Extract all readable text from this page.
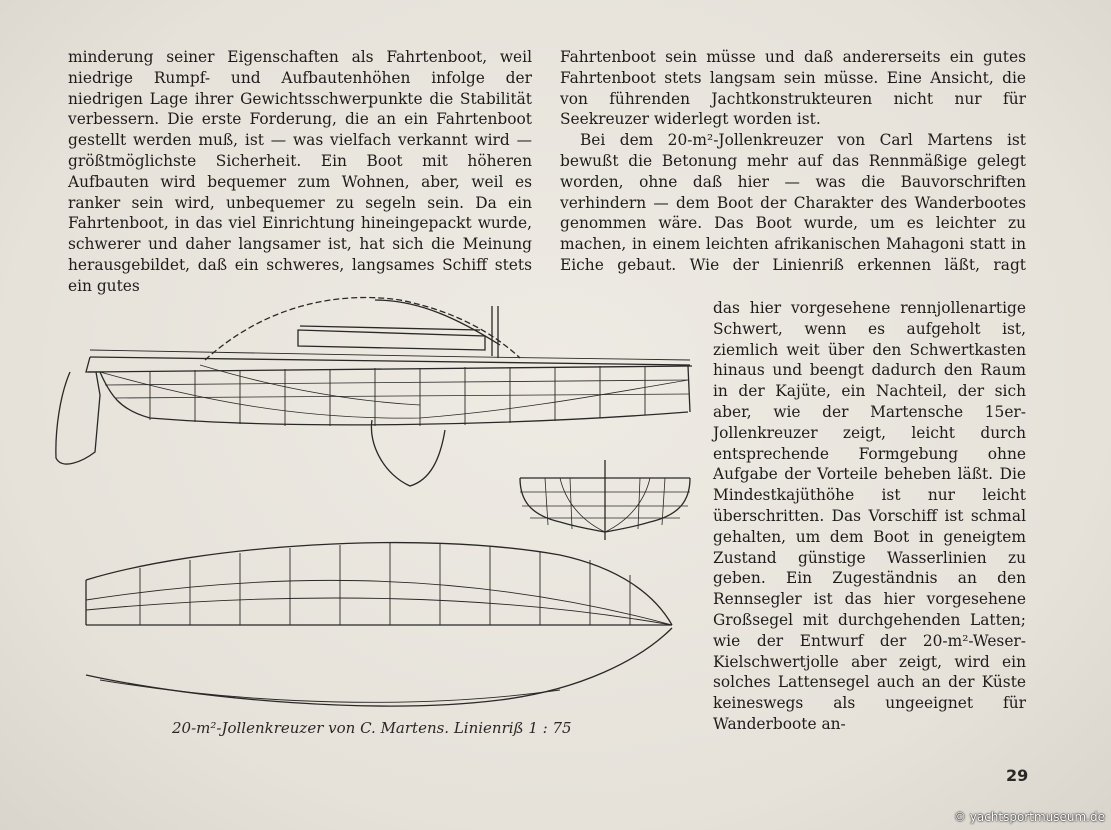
minderung seiner Eigenschaften als Fahrtenboot, weil niedrige Rumpf- und Aufbautenhöhen infolge der niedrigen Lage ihrer Gewichtsschwerpunkte die Stabilität verbessern. Die erste Forderung, die an ein Fahrtenboot gestellt werden muß, ist — was vielfach verkannt wird — größtmöglichste Sicherheit. Ein Boot mit höheren Aufbauten wird bequemer zum Wohnen, aber, weil es ranker sein wird, unbequemer zu segeln sein. Da ein Fahrtenboot, in das viel Einrichtung hineingepackt wurde, schwerer und daher langsamer ist, hat sich die Meinung herausgebildet, daß ein schweres, langsames Schiff stets ein gutes

Fahrtenboot sein müsse und daß andererseits ein gutes Fahrtenboot stets langsam sein müsse. Eine Ansicht, die von führenden Jachtkonstrukteuren nicht nur für Seekreuzer widerlegt worden ist.

Bei dem 20-m²-Jollenkreuzer von Carl Martens ist bewußt die Betonung mehr auf das Rennmäßige gelegt worden, ohne daß hier — was die Bauvorschriften verhindern — dem Boot der Charakter des Wanderbootes genommen wäre. Das Boot wurde, um es leichter zu machen, in einem leichten afrikanischen Mahagoni statt in Eiche gebaut. Wie der Linienriß erkennen läßt, ragt

das hier vorgesehene rennjollenartige Schwert, wenn es aufgeholt ist, ziemlich weit über den Schwertkasten hinaus und beengt dadurch den Raum in der Kajüte, ein Nachteil, der sich aber, wie der Martensche 15er-Jollenkreuzer zeigt, leicht durch entsprechende Formgebung ohne Aufgabe der Vorteile beheben läßt. Die Mindestkajüthöhe ist nur leicht überschritten. Das Vorschiff ist schmal gehalten, um dem Boot in geneigtem Zustand günstige Wasserlinien zu geben. Ein Zugeständnis an den Rennsegler ist das hier vorgesehene Großsegel mit durchgehenden Latten; wie der Entwurf der 20-m²-Weser-Kielschwertjolle aber zeigt, wird ein solches Lattensegel auch an der Küste keineswegs als ungeeignet für Wanderboote an-

20-m²-Jollenkreuzer von C. Martens. Linienriß 1 : 75
29
© yachtsportmuseum.de
